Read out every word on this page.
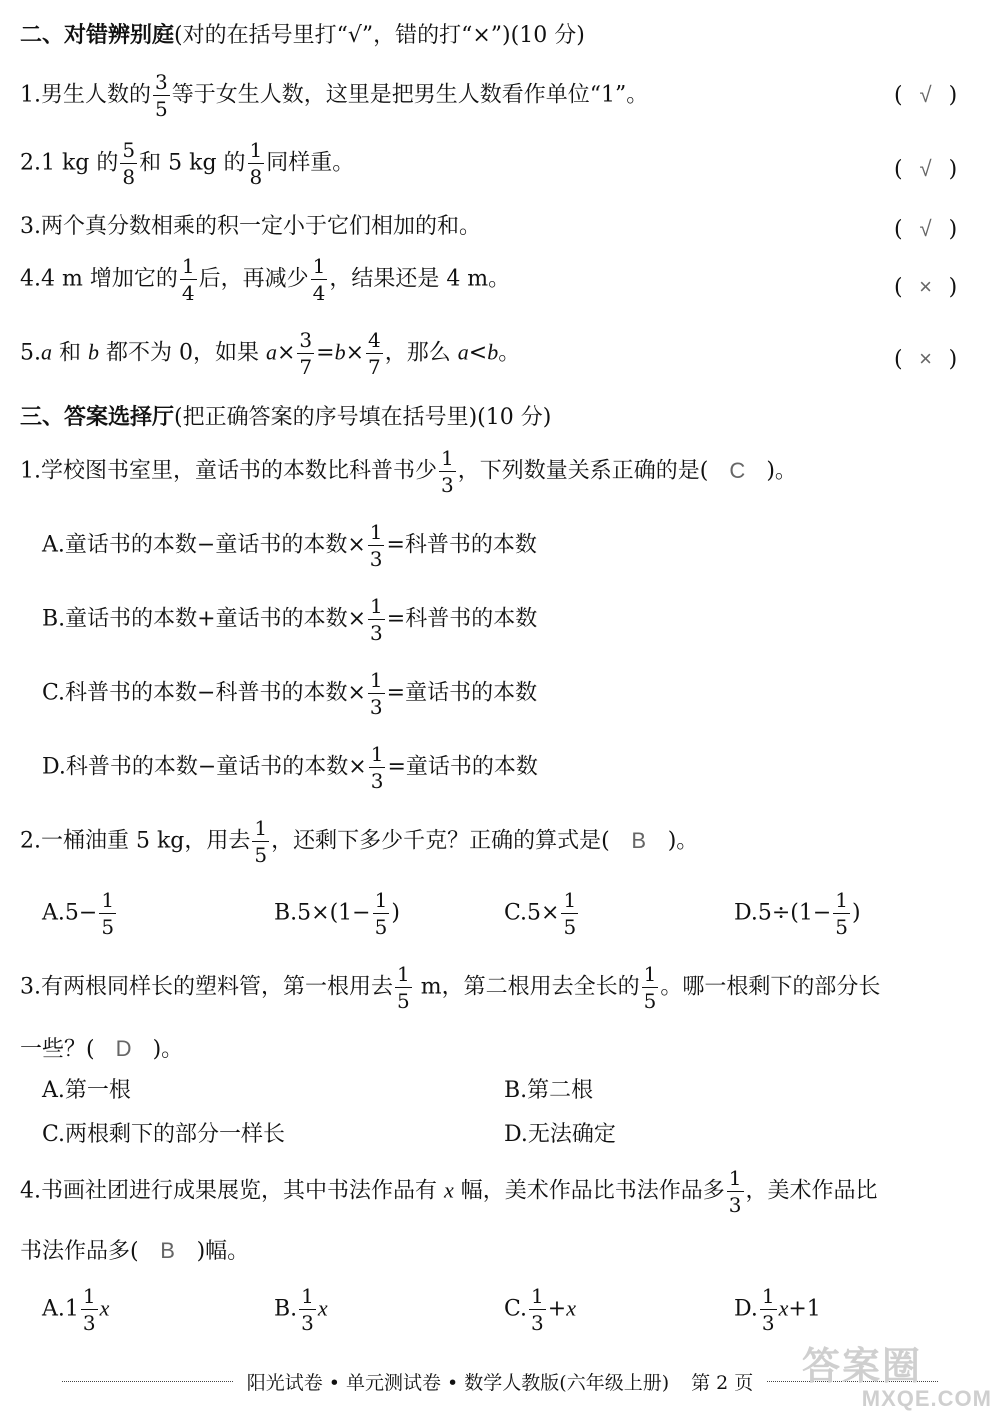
二、对错辨别庭(对的在括号里打“√”，错的打“×”)(10 分)
1.男生人数的 $\frac{3}{5}$ 等于女生人数，这里是把男生人数看作单位“1”。	( √ )
2.1 kg 的 $\frac{5}{8}$ 和 5 kg 的 $\frac{1}{8}$ 同样重。	( √ )
3.两个真分数相乘的积一定小于它们相加的和。	( √ )
4.4 m 增加它的 $\frac{1}{4}$ 后，再减少 $\frac{1}{4}$ ，结果还是 4 m。	( × )
5.a 和 b 都不为 0，如果 $a\times \frac{3}{7} =b\times \frac{4}{7}$ ，那么 a<b。	( × )
三、答案选择厅(把正确答案的序号填在括号里)(10 分)
1.学校图书室里，童话书的本数比科普书少 $\frac{1}{3}$ ，下列数量关系正确的是( C )。
A.童话书的本数−童话书的本数× $\frac{1}{3}$ =科普书的本数
B.童话书的本数+童话书的本数× $\frac{1}{3}$ =科普书的本数
C.科普书的本数−科普书的本数× $\frac{1}{3}$ =童话书的本数
D.科普书的本数−童话书的本数× $\frac{1}{3}$ =童话书的本数
2.一桶油重 5 kg，用去 $\frac{1}{5}$ ，还剩下多少千克？正确的算式是( B )。
$A.5- \frac{1}{5}$	$B.5\times(1- \frac{1}{5}$ )	$C.5\times \frac{1}{5}$	$D.5\div(1- \frac{1}{5}$ )
3.有两根同样长的塑料管，第一根用去 $\frac{1}{5}$ m，第二根用去全长的 $\frac{1}{5}$ 。哪一根剩下的部分长
一些？( D )。
A.第一根	B.第二根
C.两根剩下的部分一样长	D.无法确定
4.书画社团进行成果展览，其中书法作品有 x 幅，美术作品比书法作品多 $\frac{1}{3}$ ，美术作品比
书法作品多( B )幅。
$A.1 \frac{1}{3}$ x	B. $\frac{1}{3}$ x	C. $\frac{1}{3} +x$	D. $\frac{1}{3} x+1$
阳光试卷 • 单元测试卷 • 数学人教版(六年级上册) 第 2 页 答案圈
MXQE.COM
